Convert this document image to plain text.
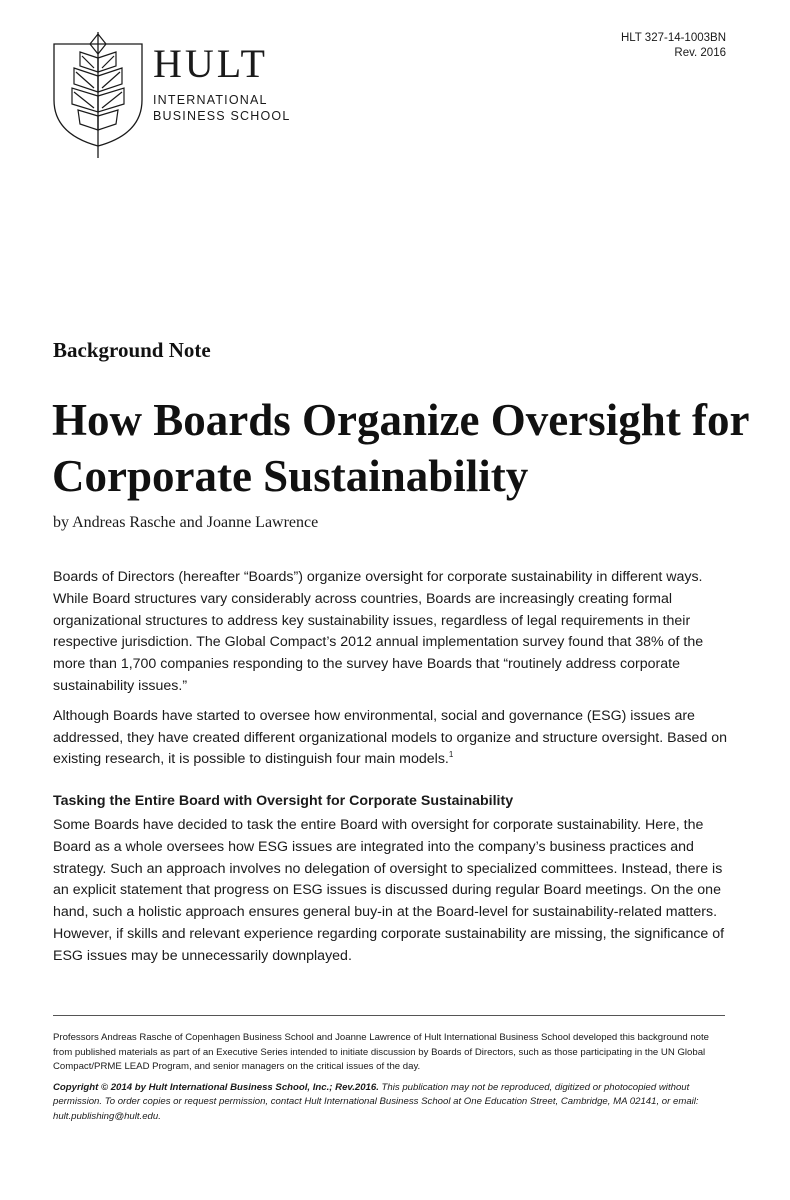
HULT
INTERNATIONAL
BUSINESS SCHOOL
HLT 327-14-1003BN
Rev. 2016
Background Note
How Boards Organize Oversight for Corporate Sustainability
by Andreas Rasche and Joanne Lawrence

Boards of Directors (hereafter “Boards”) organize oversight for corporate sustainability in different ways. While Board structures vary considerably across countries, Boards are increasingly creating formal organizational structures to address key sustainability issues, regardless of legal requirements in their respective jurisdiction. The Global Compact’s 2012 annual implementation survey found that 38% of the more than 1,700 companies responding to the survey have Boards that “routinely address corporate sustainability issues.”

Although Boards have started to oversee how environmental, social and governance (ESG) issues are addressed, they have created different organizational models to organize and structure oversight. Based on existing research, it is possible to distinguish four main models.$^1$

Tasking the Entire Board with Oversight for Corporate Sustainability

Some Boards have decided to task the entire Board with oversight for corporate sustainability. Here, the Board as a whole oversees how ESG issues are integrated into the company’s business practices and strategy. Such an approach involves no delegation of oversight to specialized committees. Instead, there is an explicit statement that progress on ESG issues is discussed during regular Board meetings. On the one hand, such a holistic approach ensures general buy-in at the Board-level for sustainability-related matters. However, if skills and relevant experience regarding corporate sustainability are missing, the significance of ESG issues may be unnecessarily downplayed.

Professors Andreas Rasche of Copenhagen Business School and Joanne Lawrence of Hult International Business School developed this background note from published materials as part of an Executive Series intended to initiate discussion by Boards of Directors, such as those participating in the UN Global Compact/PRME LEAD Program, and senior managers on the critical issues of the day.

Copyright © 2014 by Hult International Business School, Inc.; Rev.2016. This publication may not be reproduced, digitized or photocopied without permission. To order copies or request permission, contact Hult International Business School at One Education Street, Cambridge, MA 02141, or email: hult.publishing@hult.edu.
